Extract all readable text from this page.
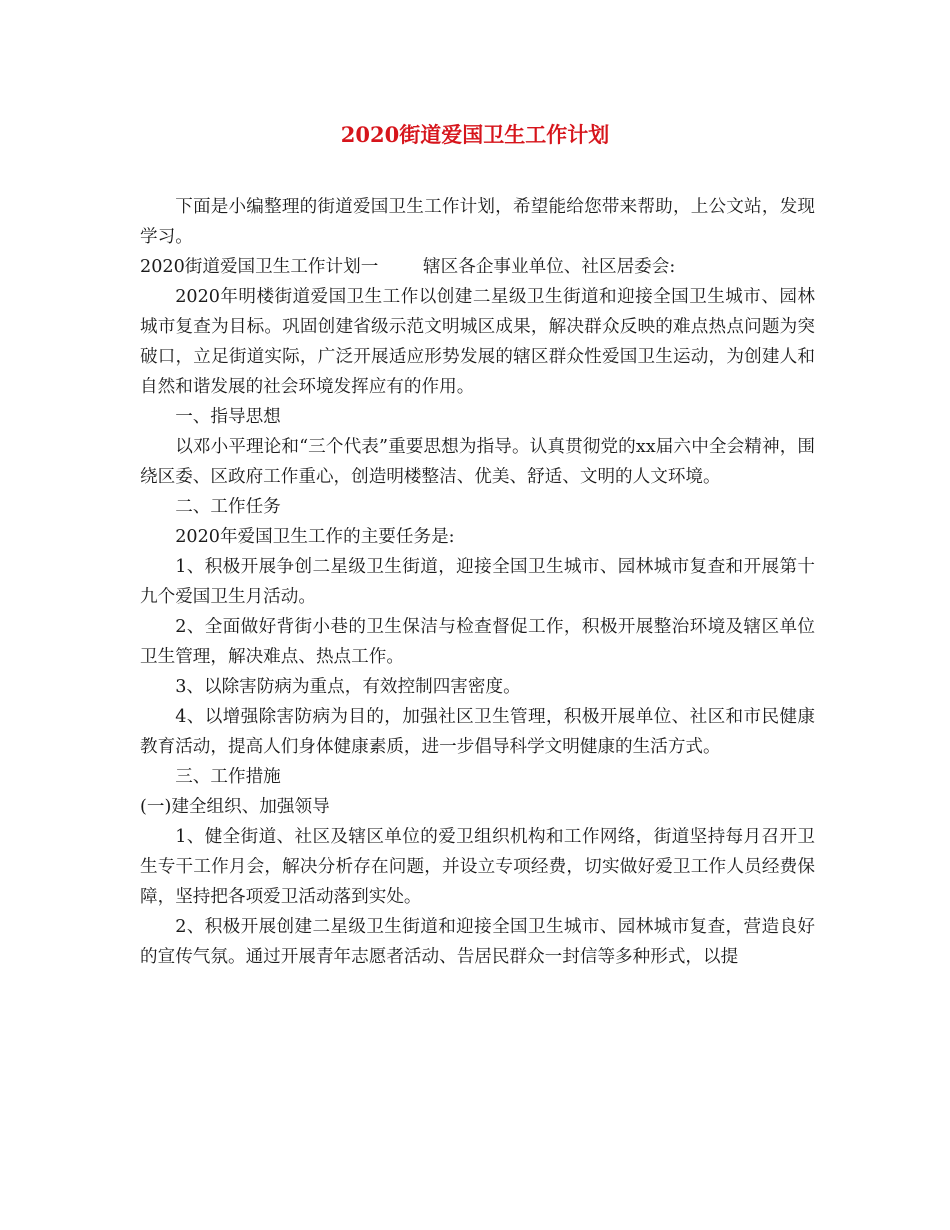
2020街道爱国卫生工作计划

下面是小编整理的街道爱国卫生工作计划，希望能给您带来帮助，上公文站，发现学习。

2020街道爱国卫生工作计划一        辖区各企事业单位、社区居委会:

2020年明楼街道爱国卫生工作以创建二星级卫生街道和迎接全国卫生城市、园林城市复查为目标。巩固创建省级示范文明城区成果，解决群众反映的难点热点问题为突破口，立足街道实际，广泛开展适应形势发展的辖区群众性爱国卫生运动，为创建人和自然和谐发展的社会环境发挥应有的作用。

一、指导思想

以邓小平理论和“三个代表”重要思想为指导。认真贯彻党的xx届六中全会精神，围绕区委、区政府工作重心，创造明楼整洁、优美、舒适、文明的人文环境。

二、工作任务

2020年爱国卫生工作的主要任务是:

1、积极开展争创二星级卫生街道，迎接全国卫生城市、园林城市复查和开展第十九个爱国卫生月活动。

2、全面做好背街小巷的卫生保洁与检查督促工作，积极开展整治环境及辖区单位卫生管理，解决难点、热点工作。

3、以除害防病为重点，有效控制四害密度。

4、以增强除害防病为目的，加强社区卫生管理，积极开展单位、社区和市民健康教育活动，提高人们身体健康素质，进一步倡导科学文明健康的生活方式。

三、工作措施

(一)建全组织、加强领导

1、健全街道、社区及辖区单位的爱卫组织机构和工作网络，街道坚持每月召开卫生专干工作月会，解决分析存在问题，并设立专项经费，切实做好爱卫工作人员经费保障，坚持把各项爱卫活动落到实处。

2、积极开展创建二星级卫生街道和迎接全国卫生城市、园林城市复查，营造良好的宣传气氛。通过开展青年志愿者活动、告居民群众一封信等多种形式，以提
